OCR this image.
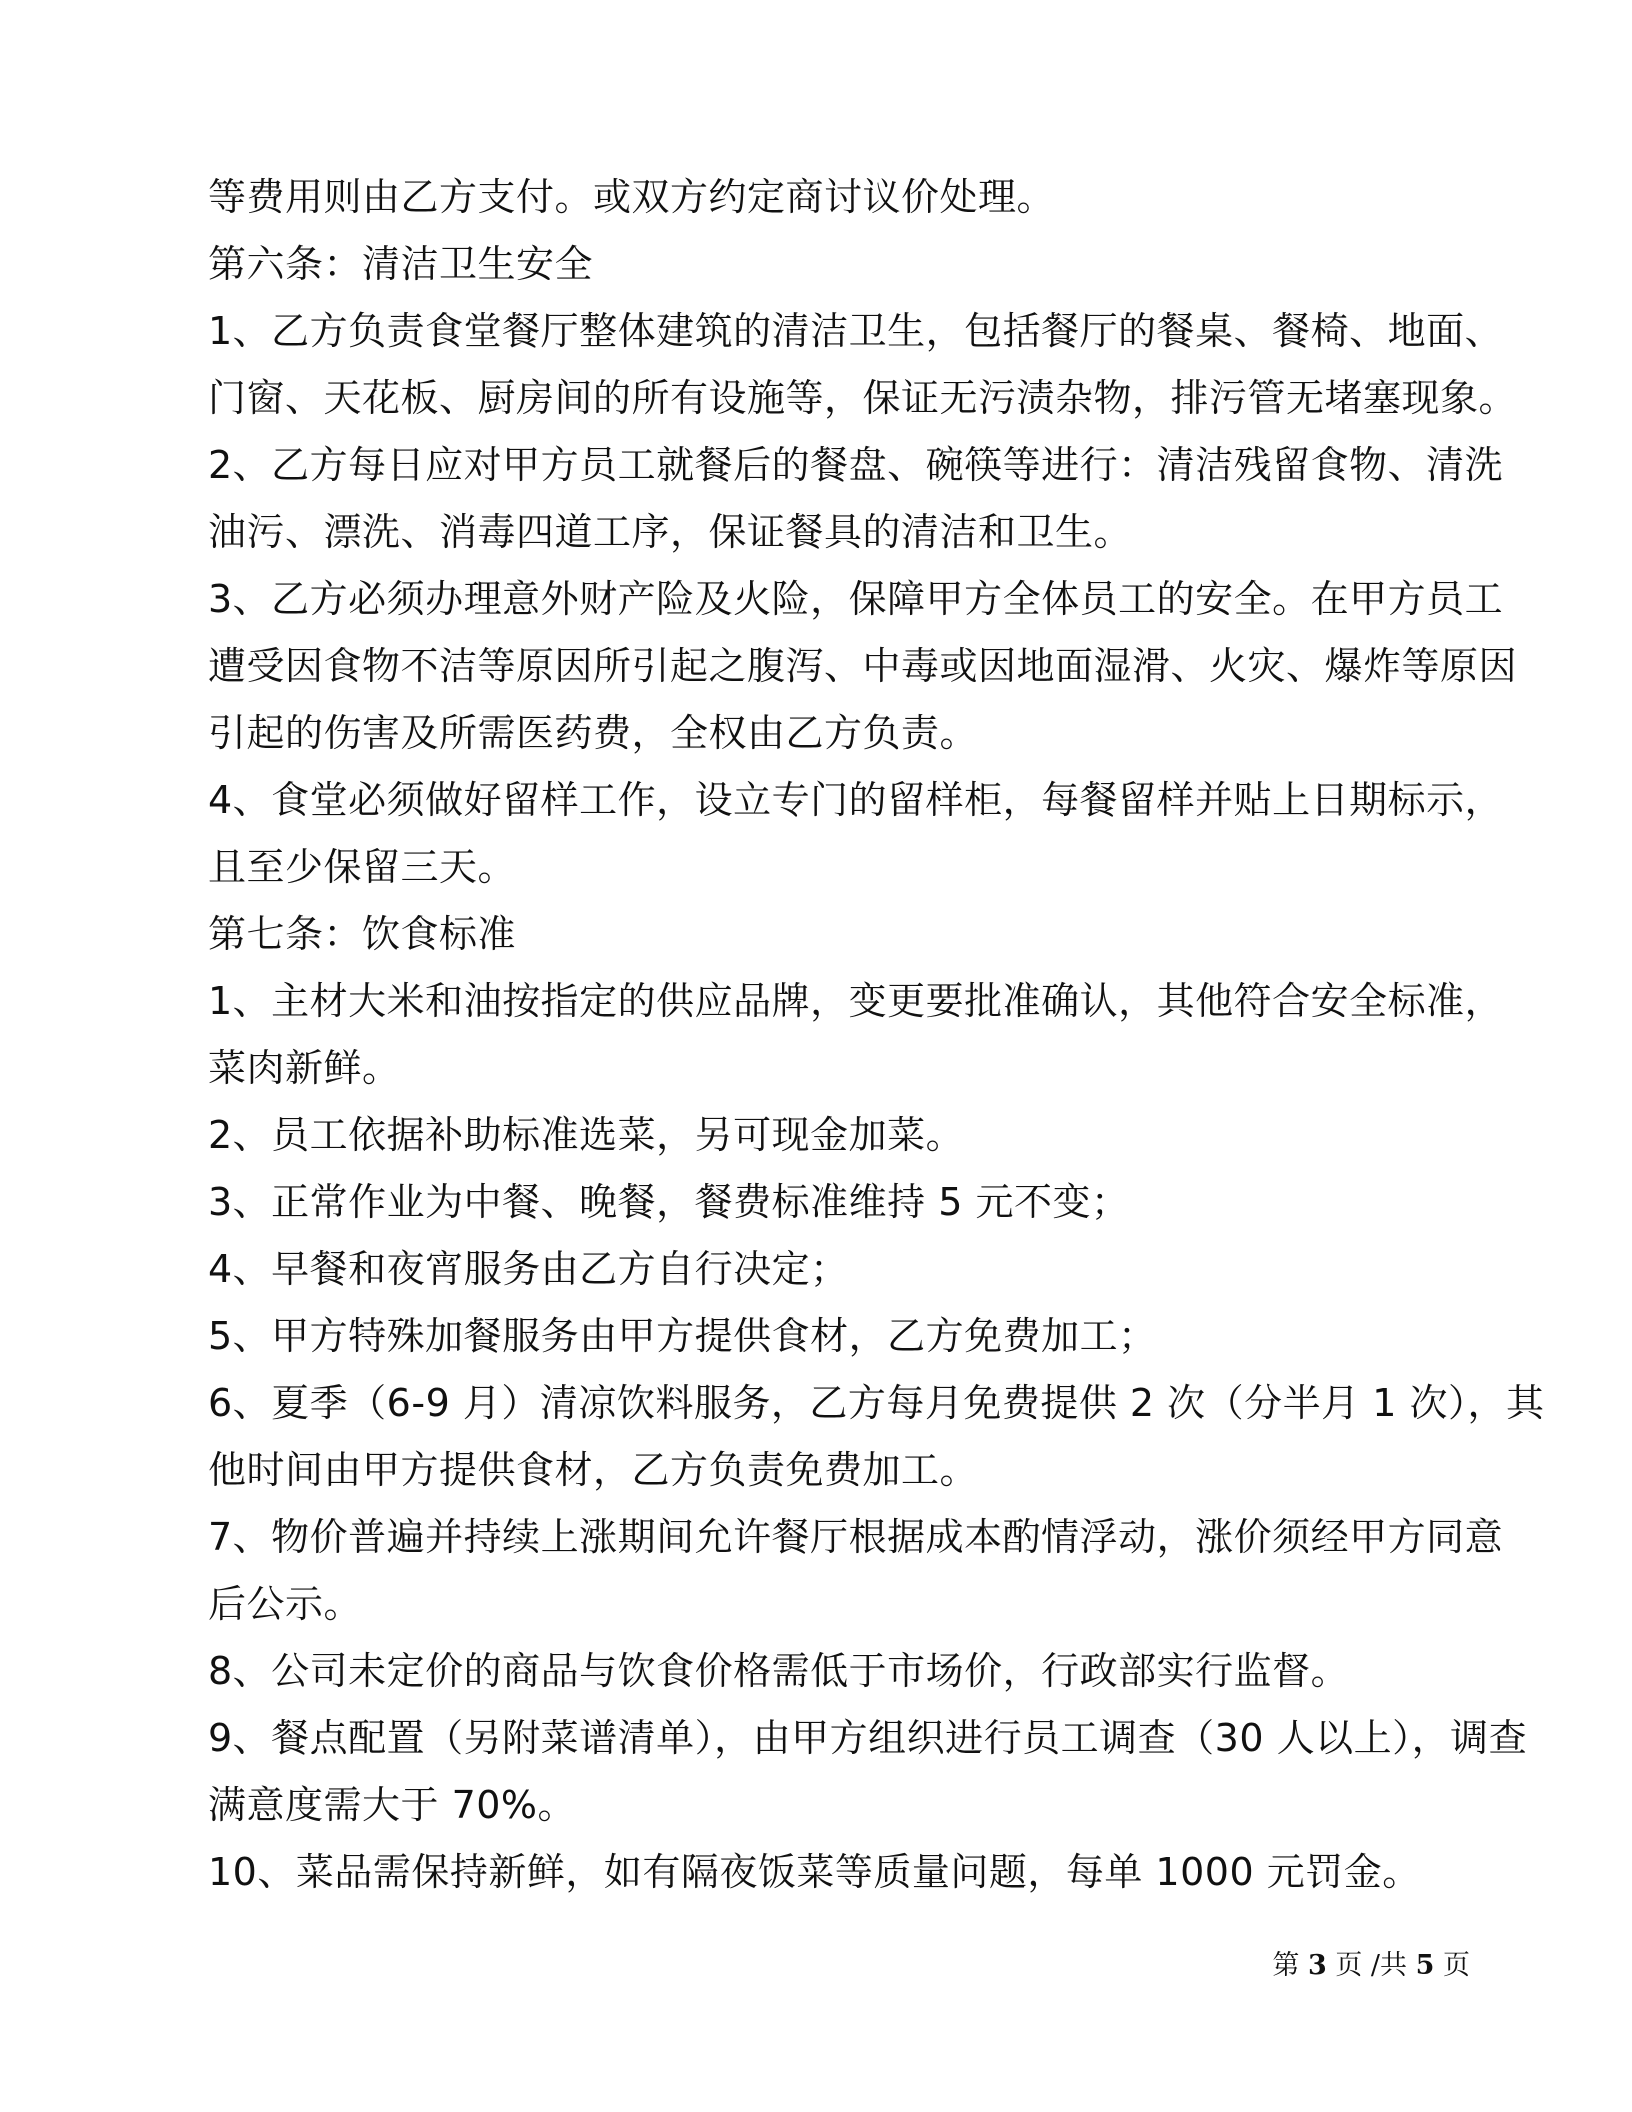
等费用则由乙方支付。或双方约定商讨议价处理。
第六条：清洁卫生安全
1、乙方负责食堂餐厅整体建筑的清洁卫生，包括餐厅的餐桌、餐椅、地面、
门窗、天花板、厨房间的所有设施等，保证无污渍杂物，排污管无堵塞现象。
2、乙方每日应对甲方员工就餐后的餐盘、碗筷等进行：清洁残留食物、清洗
油污、漂洗、消毒四道工序，保证餐具的清洁和卫生。
3、乙方必须办理意外财产险及火险，保障甲方全体员工的安全。在甲方员工
遭受因食物不洁等原因所引起之腹泻、中毒或因地面湿滑、火灾、爆炸等原因
引起的伤害及所需医药费，全权由乙方负责。
4、食堂必须做好留样工作，设立专门的留样柜，每餐留样并贴上日期标示，
且至少保留三天。
第七条：饮食标准
1、主材大米和油按指定的供应品牌，变更要批准确认，其他符合安全标准，
菜肉新鲜。
2、员工依据补助标准选菜，另可现金加菜。
3、正常作业为中餐、晚餐，餐费标准维持 5 元不变；
4、早餐和夜宵服务由乙方自行决定；
5、甲方特殊加餐服务由甲方提供食材，乙方免费加工；
6、夏季（6-9 月）清凉饮料服务，乙方每月免费提供 2 次（分半月 1 次），其
他时间由甲方提供食材，乙方负责免费加工。
7、物价普遍并持续上涨期间允许餐厅根据成本酌情浮动，涨价须经甲方同意
后公示。
8、公司未定价的商品与饮食价格需低于市场价，行政部实行监督。
9、餐点配置（另附菜谱清单），由甲方组织进行员工调查（30 人以上），调查
满意度需大于 70%。
10、菜品需保持新鲜，如有隔夜饭菜等质量问题，每单 1000 元罚金。
第 3 页 /共 5 页
